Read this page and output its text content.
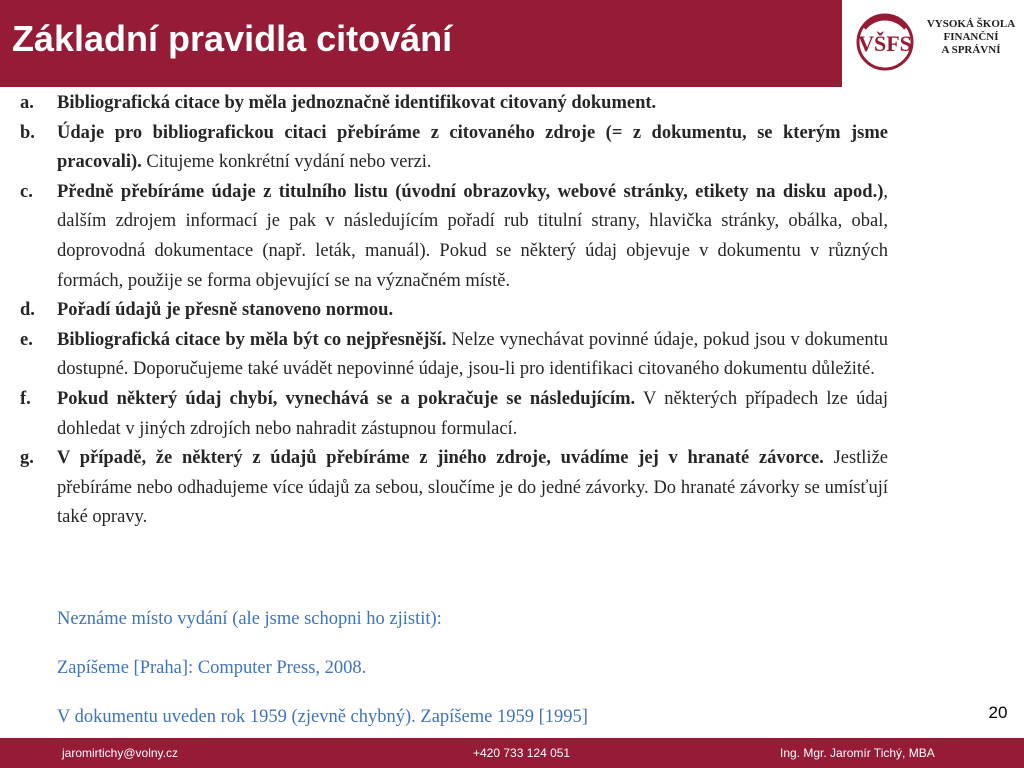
Základní pravidla citování	VŠFS
VYSOKÁ ŠKOLA
FINANČNÍ
A SPRÁVNÍ
a. Bibliografická citace by měla jednoznačně identifikovat citovaný dokument.
b. Údaje pro bibliografickou citaci přebíráme z citovaného zdroje (= z dokumentu, se kterým jsme pracovali). Citujeme konkrétní vydání nebo verzi.
c. Předně přebíráme údaje z titulního listu (úvodní obrazovky, webové stránky, etikety na disku apod.), dalším zdrojem informací je pak v následujícím pořadí rub titulní strany, hlavička stránky, obálka, obal, doprovodná dokumentace (např. leták, manuál). Pokud se některý údaj objevuje v dokumentu v různých formách, použije se forma objevující se na význačném místě.
d. Pořadí údajů je přesně stanoveno normou.
e. Bibliografická citace by měla být co nejpřesnější. Nelze vynechávat povinné údaje, pokud jsou v dokumentu dostupné. Doporučujeme také uvádět nepovinné údaje, jsou-li pro identifikaci citovaného dokumentu důležité.
f. Pokud některý údaj chybí, vynechává se a pokračuje se následujícím. V některých případech lze údaj dohledat v jiných zdrojích nebo nahradit zástupnou formulací.
g. V případě, že některý z údajů přebíráme z jiného zdroje, uvádíme jej v hranaté závorce. Jestliže přebíráme nebo odhadujeme více údajů za sebou, sloučíme je do jedné závorky. Do hranaté závorky se umísťují také opravy.
Neznáme místo vydání (ale jsme schopni ho zjistit):
Zapíšeme [Praha]: Computer Press, 2008.
V dokumentu uveden rok 1959 (zjevně chybný). Zapíšeme 1959 [1995]	20
jaromirtichy@volny.cz	+420 733 124 051	Ing. Mgr. Jaromír Tichý, MBA
